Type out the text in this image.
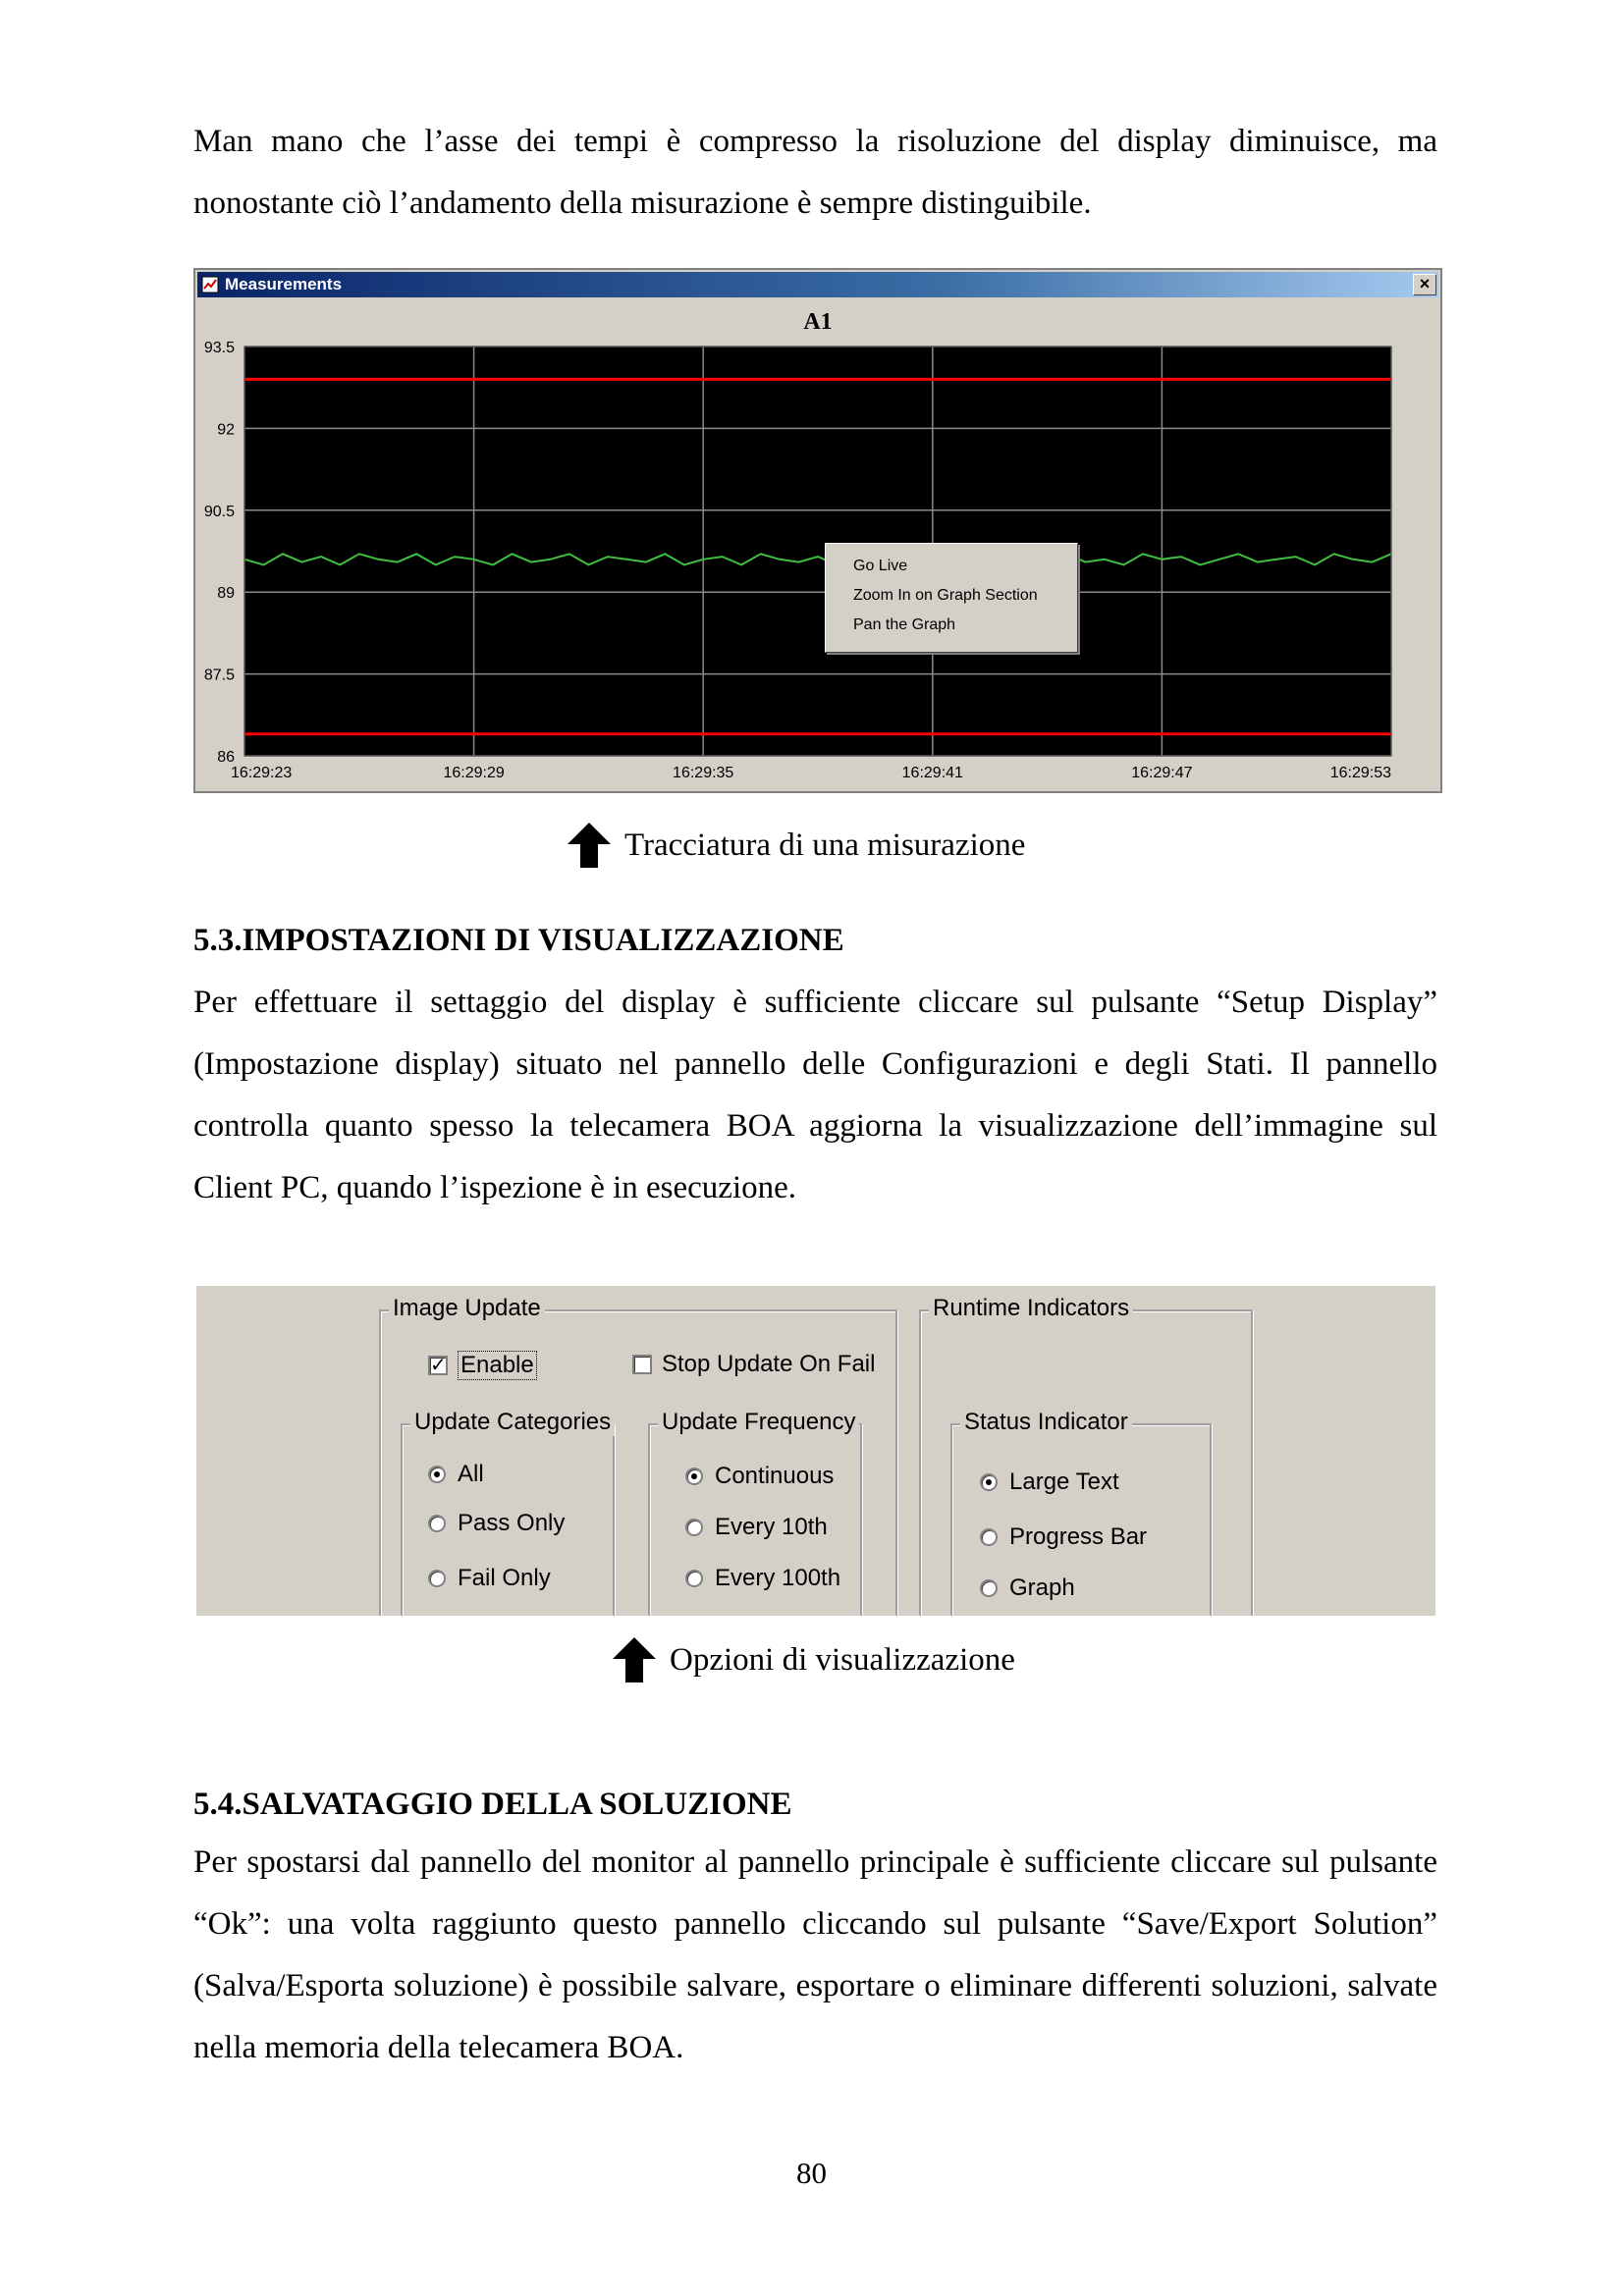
Man mano che l’asse dei tempi è compresso la risoluzione del display diminuisce, ma nonostante ciò l’andamento della misurazione è sempre distinguibile.

93.5
92
90.5
89
87.5
86
16:29:23	16:29:29	16:29:35	16:29:41	16:29:47	16:29:53
Measurements	×
A1
Go Live
Zoom In on Graph Section
Pan the Graph
Tracciatura di una misurazione
5.3.IMPOSTAZIONI DI VISUALIZZAZIONE

Per effettuare il settaggio del display è sufficiente cliccare sul pulsante “Setup Display” (Impostazione display) situato nel pannello delle Configurazioni e degli Stati. Il pannello controlla quanto spesso la telecamera BOA aggiorna la visualizzazione dell’immagine sul Client PC, quando l’ispezione è in esecuzione.

Image Update
✓ Enable	Stop Update On Fail
Update Categories
All
Pass Only
Fail Only
Update Frequency
Continuous
Every 10th
Every 100th
Runtime Indicators
Status Indicator
Large Text
Progress Bar
Graph
Opzioni di visualizzazione
5.4.SALVATAGGIO DELLA SOLUZIONE

Per spostarsi dal pannello del monitor al pannello principale è sufficiente cliccare sul pulsante “Ok”: una volta raggiunto questo pannello cliccando sul pulsante “Save/Export Solution” (Salva/Esporta soluzione) è possibile salvare, esportare o eliminare differenti soluzioni, salvate nella memoria della telecamera BOA.

80
